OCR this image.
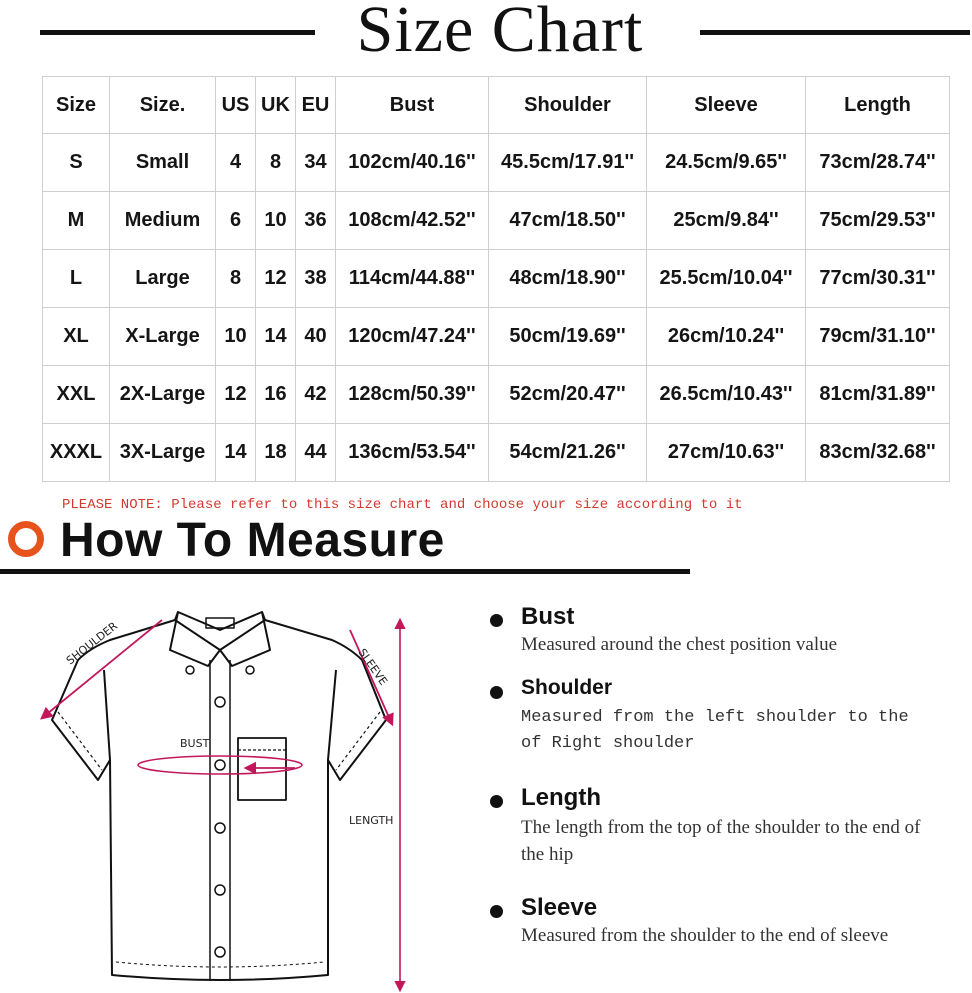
Size Chart
Size	Size.	US	UK	EU	Bust	Shoulder	Sleeve	Length
S	Small	4	8	34	102cm/40.16''	45.5cm/17.91''	24.5cm/9.65''	73cm/28.74''
M	Medium	6	10	36	108cm/42.52''	47cm/18.50''	25cm/9.84''	75cm/29.53''
L	Large	8	12	38	114cm/44.88''	48cm/18.90''	25.5cm/10.04''	77cm/30.31''
XL	X-Large	10	14	40	120cm/47.24''	50cm/19.69''	26cm/10.24''	79cm/31.10''
XXL	2X-Large	12	16	42	128cm/50.39''	52cm/20.47''	26.5cm/10.43''	81cm/31.89''
XXXL	3X-Large	14	18	44	136cm/53.54''	54cm/21.26''	27cm/10.63''	83cm/32.68''
PLEASE NOTE: Please refer to this size chart and choose your size according to it
How To Measure
SHOULDER	SLEEVE
BUST
LENGTH
Bust
Measured around the chest position value
Shoulder
Measured from the left shoulder to the of Right shoulder
Length
The length from the top of the shoulder to the end of the hip
Sleeve
Measured from the shoulder to the end of sleeve
